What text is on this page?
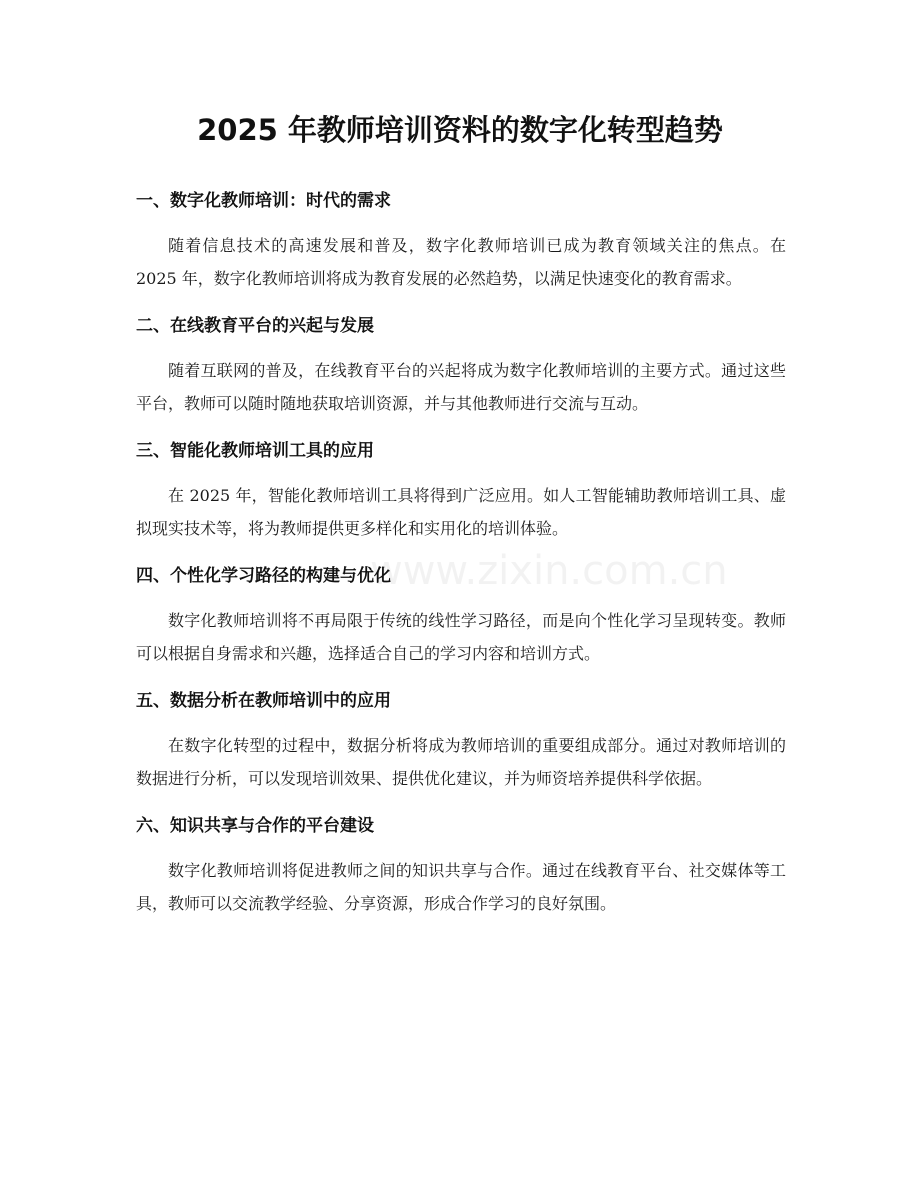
2025 年教师培训资料的数字化转型趋势
www.zixin.com.cn
一、数字化教师培训：时代的需求

随着信息技术的高速发展和普及，数字化教师培训已成为教育领域关注的焦点。在 2025 年，数字化教师培训将成为教育发展的必然趋势，以满足快速变化的教育需求。

二、在线教育平台的兴起与发展

随着互联网的普及，在线教育平台的兴起将成为数字化教师培训的主要方式。通过这些平台，教师可以随时随地获取培训资源，并与其他教师进行交流与互动。

三、智能化教师培训工具的应用

在 2025 年，智能化教师培训工具将得到广泛应用。如人工智能辅助教师培训工具、虚拟现实技术等，将为教师提供更多样化和实用化的培训体验。

四、个性化学习路径的构建与优化

数字化教师培训将不再局限于传统的线性学习路径，而是向个性化学习呈现转变。教师可以根据自身需求和兴趣，选择适合自己的学习内容和培训方式。

五、数据分析在教师培训中的应用

在数字化转型的过程中，数据分析将成为教师培训的重要组成部分。通过对教师培训的数据进行分析，可以发现培训效果、提供优化建议，并为师资培养提供科学依据。

六、知识共享与合作的平台建设

数字化教师培训将促进教师之间的知识共享与合作。通过在线教育平台、社交媒体等工具，教师可以交流教学经验、分享资源，形成合作学习的良好氛围。
